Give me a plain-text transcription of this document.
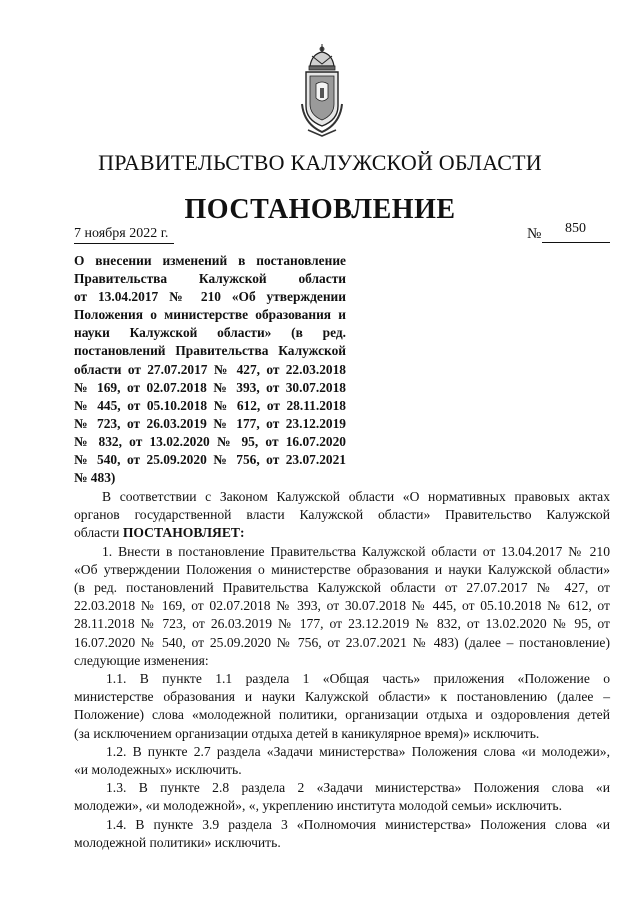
ПРАВИТЕЛЬСТВО КАЛУЖСКОЙ ОБЛАСТИ
ПОСТАНОВЛЕНИЕ
7 ноября 2022 г.	№ 850
О внесении изменений в постановление
Правительства Калужской области
от 13.04.2017 № 210 «Об утверждении
Положения о министерстве образования и
науки Калужской области» (в ред.
постановлений Правительства Калужской
области от 27.07.2017 № 427, от 22.03.2018
№ 169, от 02.07.2018 № 393, от 30.07.2018
№ 445, от 05.10.2018 № 612, от 28.11.2018
№ 723, от 26.03.2019 № 177, от 23.12.2019
№ 832, от 13.02.2020 № 95, от 16.07.2020
№ 540, от 25.09.2020 № 756, от 23.07.2021
№ 483)
В соответствии с Законом Калужской области «О нормативных правовых актах
органов государственной власти Калужской области» Правительство Калужской
области ПОСТАНОВЛЯЕТ:
1. Внести в постановление Правительства Калужской области от 13.04.2017 № 210
«Об утверждении Положения о министерстве образования и науки Калужской области»
(в ред. постановлений Правительства Калужской области от 27.07.2017 № 427, от
22.03.2018 № 169, от 02.07.2018 № 393, от 30.07.2018 № 445, от 05.10.2018 № 612, от
28.11.2018 № 723, от 26.03.2019 № 177, от 23.12.2019 № 832, от 13.02.2020 № 95, от
16.07.2020 № 540, от 25.09.2020 № 756, от 23.07.2021 № 483) (далее – постановление)
следующие изменения:
1.1. В пункте 1.1 раздела 1 «Общая часть» приложения «Положение о
министерстве образования и науки Калужской области» к постановлению (далее –
Положение) слова «молодежной политики, организации отдыха и оздоровления детей
(за исключением организации отдыха детей в каникулярное время)» исключить.
1.2. В пункте 2.7 раздела «Задачи министерства» Положения слова «и молодежи»,
«и молодежных» исключить.
1.3. В пункте 2.8 раздела 2 «Задачи министерства» Положения слова «и
молодежи», «и молодежной», «, укреплению института молодой семьи» исключить.
1.4. В пункте 3.9 раздела 3 «Полномочия министерства» Положения слова «и
молодежной политики» исключить.
